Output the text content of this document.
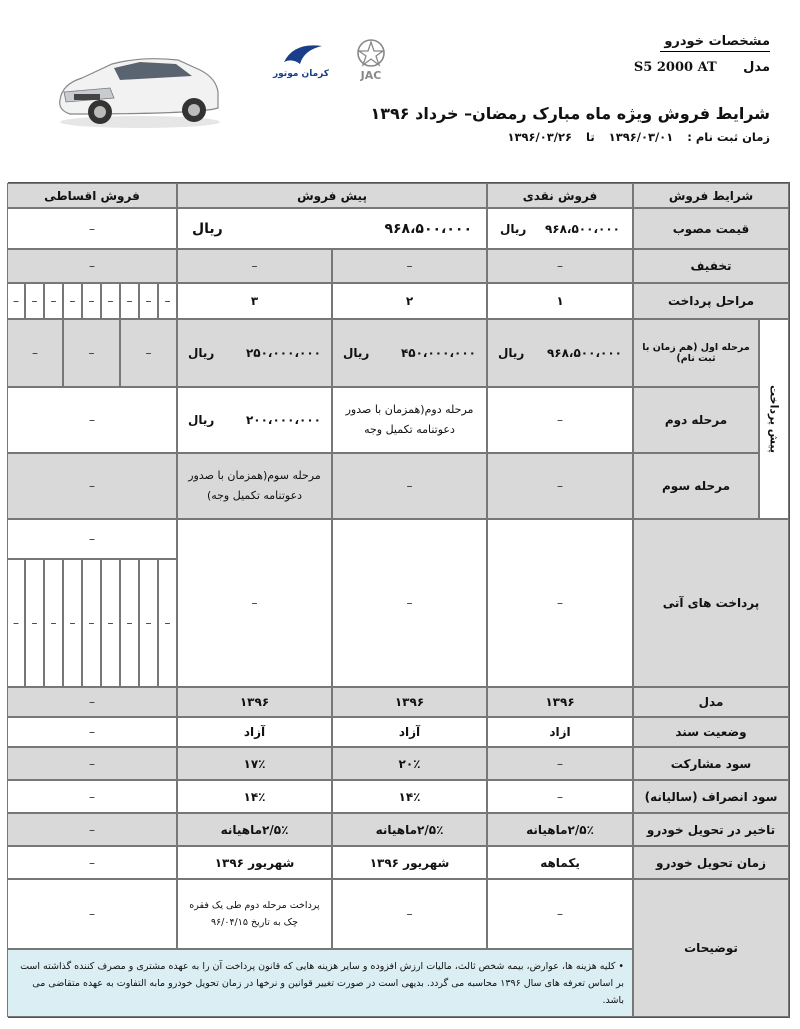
کرمان موتور	JAC
مشخصات خودرو
مدل S5 2000 AT
شرایط فروش ویژه ماه مبارک رمضان– خرداد ۱۳۹۶
زمان ثبت نام : ۱۳۹۶/۰۳/۰۱ تا ۱۳۹۶/۰۳/۲۶
شرایط فروش
فروش نقدی
پیش فروش
فروش اقساطی
قیمت مصوب
۹۶۸،۵۰۰،۰۰۰
ریال
۹۶۸،۵۰۰،۰۰۰
ریال
–
تخفیف
–
–
–
–
مراحل پرداخت
۱
۲
۳
–
–
–
–
–
–
–
–
–
پیش پرداخت
مرحله اول (هم زمان با ثبت نام)
۹۶۸،۵۰۰،۰۰۰
ریال
۴۵۰،۰۰۰،۰۰۰
ریال
۲۵۰،۰۰۰،۰۰۰
ریال
–
–
–
مرحله دوم
–
مرحله دوم(همزمان با صدور دعوتنامه تکمیل وجه
۲۰۰،۰۰۰،۰۰۰
ریال
–
مرحله سوم
–
–
مرحله سوم(همزمان با صدور دعوتنامه تکمیل وجه)
–
پرداخت های آتی
–
–
–
–
–
–
–
–
–
–
–
–
–
مدل
۱۳۹۶
۱۳۹۶
۱۳۹۶
–
وضعیت سند
ازاد
آزاد
آزاد
–
سود مشارکت
–
۲۰٪
۱۷٪
–
سود انصراف (سالیانه)
–
۱۴٪
۱۴٪
–
تاخیر در تحویل خودرو
۲/۵٪ماهیانه
۲/۵٪ماهیانه
۲/۵٪ماهیانه
–
زمان تحویل خودرو
یکماهه
شهریور ۱۳۹۶
شهریور ۱۳۹۶
–
توضیحات
–
–
پرداخت مرحله دوم طی یک فقره چک به تاریخ ۹۶/۰۴/۱۵
–
• کلیه هزینه ها، عوارض، بیمه شخص ثالث، مالیات ارزش افزوده و سایر هزینه هایی که قانون پرداخت آن را به عهده مشتری و مصرف کننده گذاشته است بر اساس تعرفه های سال ۱۳۹۶ محاسبه می گردد. بدیهی است در صورت تغییر قوانین و نرخها در زمان تحویل خودرو مابه التفاوت به عهده متقاضی می باشد.
